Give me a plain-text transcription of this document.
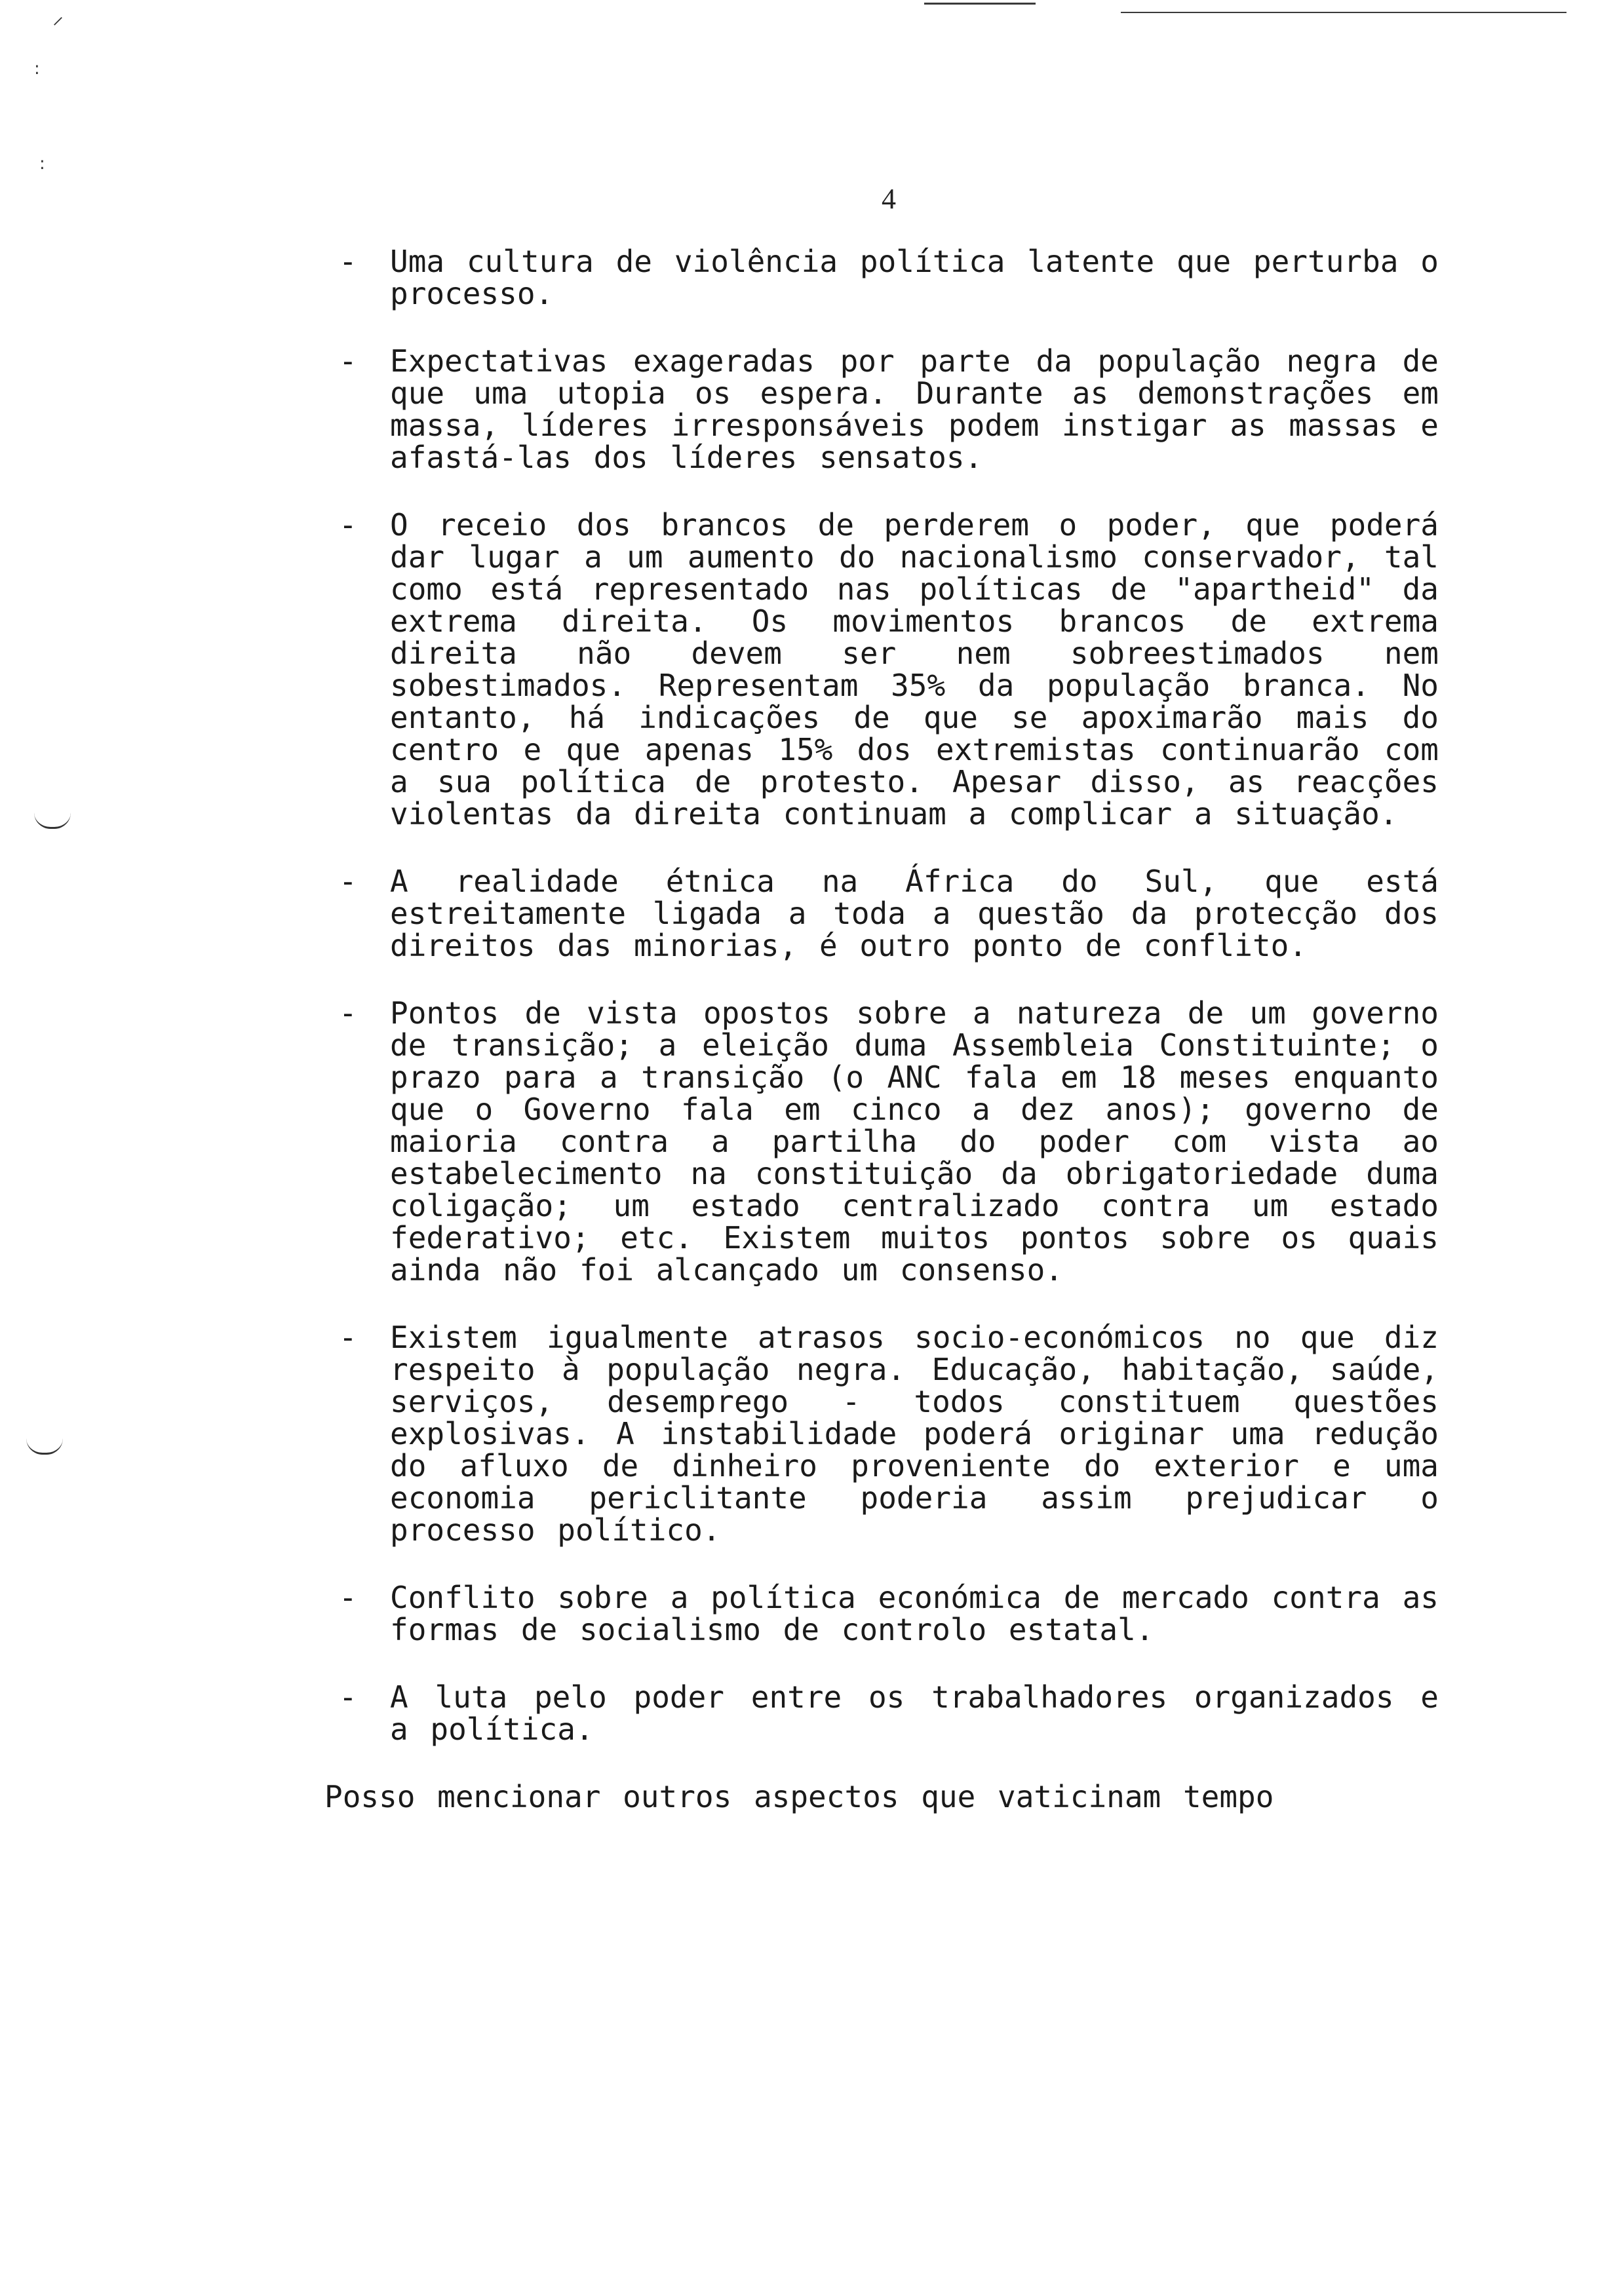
⸝
:
:
4
- Uma cultura de violência política latente que perturba o processo.
- Expectativas exageradas por parte da população negra de que uma utopia os espera. Durante as demonstrações em massa, líderes irresponsáveis podem instigar as massas e afastá-las dos líderes sensatos.
- O receio dos brancos de perderem o poder, que poderá dar lugar a um aumento do nacionalismo conservador, tal como está representado nas políticas de "apartheid" da extrema direita. Os movimentos brancos de extrema direita não devem ser nem sobreestimados nem sobestimados. Representam 35% da população branca. No entanto, há indicações de que se apoximarão mais do centro e que apenas 15% dos extremistas continuarão com a sua política de protesto. Apesar disso, as reacções violentas da direita continuam a complicar a situação.
- A realidade étnica na África do Sul, que está estreitamente ligada a toda a questão da protecção dos direitos das minorias, é outro ponto de conflito.
- Pontos de vista opostos sobre a natureza de um governo de transição; a eleição duma Assembleia Constituinte; o prazo para a transição (o ANC fala em 18 meses enquanto que o Governo fala em cinco a dez anos); governo de maioria contra a partilha do poder com vista ao estabelecimento na constituição da obrigatoriedade duma coligação; um estado centralizado contra um estado federativo; etc. Existem muitos pontos sobre os quais ainda não foi alcançado um consenso.
- Existem igualmente atrasos socio-económicos no que diz respeito à população negra. Educação, habitação, saúde, serviços, desemprego - todos constituem questões explosivas. A instabilidade poderá originar uma redução do afluxo de dinheiro proveniente do exterior e uma economia periclitante poderia assim prejudicar o processo político.
- Conflito sobre a política económica de mercado contra as formas de socialismo de controlo estatal.
- A luta pelo poder entre os trabalhadores organizados e a política.
Posso mencionar outros aspectos que vaticinam tempo
